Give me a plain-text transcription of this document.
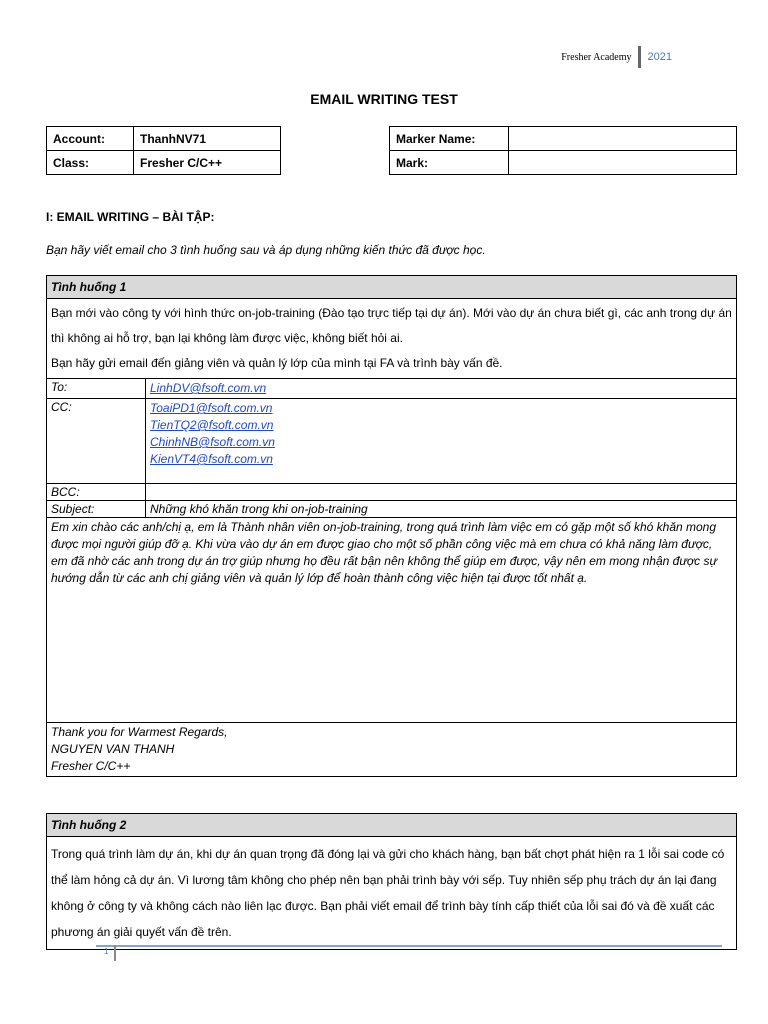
Fresher Academy	2021
EMAIL WRITING TEST
Account:	ThanhNV71		Marker Name:	
Class:	Fresher C/C++		Mark:	
I: EMAIL WRITING – BÀI TẬP:
Bạn hãy viết email cho 3 tình huống sau và áp dụng những kiến thức đã được học.
Tình huống 1	

Bạn mới vào công ty với hình thức on-job-training (Đào tạo trực tiếp tại dự án). Mới vào dự án chưa biết gì, các anh trong dự án thì không ai hỗ trợ, bạn lại không làm được việc, không biết hỏi ai.
Bạn hãy gửi email đến giảng viên và quản lý lớp của mình tại FA và trình bày vấn đề.	

To:	LinhDV@fsoft.com.vn

CC:	ToaiPD1@fsoft.com.vn
TienTQ2@fsoft.com.vn
ChinhNB@fsoft.com.vn
KienVT4@fsoft.com.vn

BCC:	
Subject:	Những khó khăn trong khi on-job-training
Em xin chào các anh/chị ạ, em là Thành nhân viên on-job-training, trong quá trình làm việc em có gặp một số khó khăn mong được mọi người giúp đỡ ạ. Khi vừa vào dự án em được giao cho một số phần công việc mà em chưa có khả năng làm được, em đã nhờ các anh trong dự án trợ giúp nhưng họ đều rất bận nên không thể giúp em được, vậy nên em mong nhận được sự hướng dẫn từ các anh chị giảng viên và quản lý lớp để hoàn thành công việc hiện tại được tốt nhất ạ.	

Thank you for Warmest Regards,
NGUYEN VAN THANH
Fresher C/C++	
Tình huống 2
Trong quá trình làm dự án, khi dự án quan trọng đã đóng lại và gửi cho khách hàng, bạn bất chợt phát hiện ra 1 lỗi sai code có thể làm hỏng cả dự án. Vì lương tâm không cho phép nên bạn phải trình bày với sếp. Tuy nhiên sếp phụ trách dự án lại đang không ở công ty và không cách nào liên lạc được. Bạn phải viết email để trình bày tính cấp thiết của lỗi sai đó và đề xuất các phương án giải quyết vấn đề trên.
1
